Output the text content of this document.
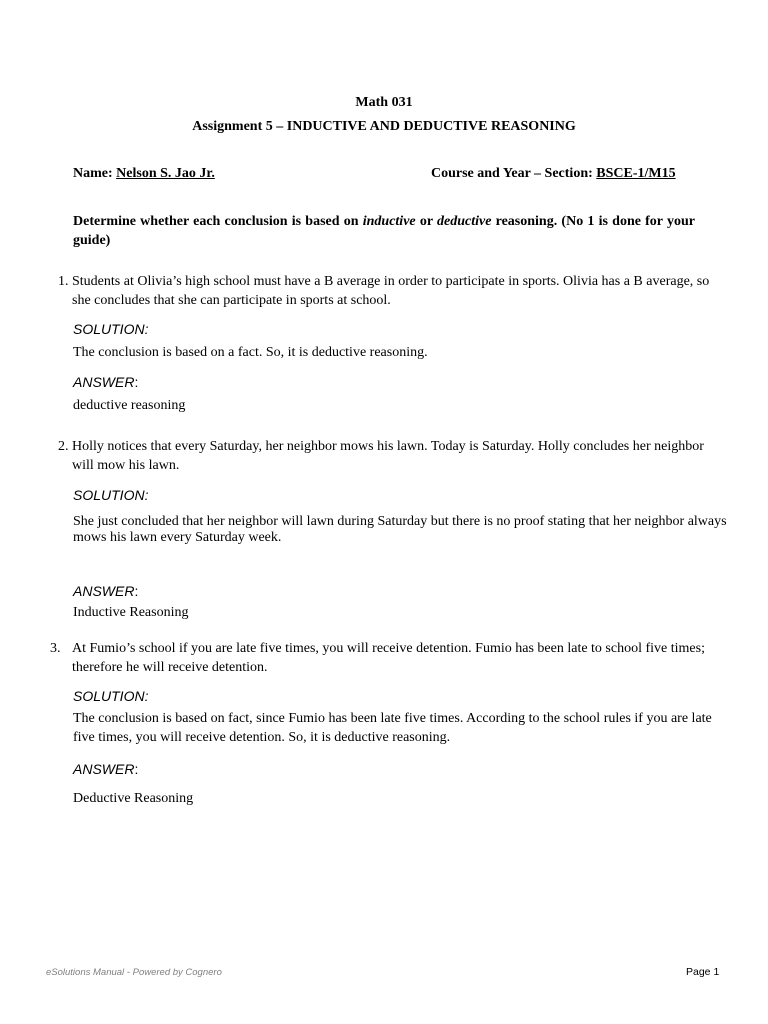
Math 031
Assignment 5 – INDUCTIVE AND DEDUCTIVE REASONING
Name: Nelson S. Jao Jr.	Course and Year – Section: BSCE-1/M15
Determine whether each conclusion is based on inductive or deductive reasoning. (No 1 is done for your guide)
1. Students at Olivia’s high school must have a B average in order to participate in sports. Olivia has a B average, so she concludes that she can participate in sports at school.
SOLUTION:
The conclusion is based on a fact. So, it is deductive reasoning.
ANSWER:
deductive reasoning
2. Holly notices that every Saturday, her neighbor mows his lawn. Today is Saturday. Holly concludes her neighbor will mow his lawn.
SOLUTION:
She just concluded that her neighbor will lawn during Saturday but there is no proof stating that her neighbor always mows his lawn every Saturday week.
ANSWER:
Inductive Reasoning
3. At Fumio’s school if you are late five times, you will receive detention. Fumio has been late to school five times; therefore he will receive detention.
SOLUTION:
The conclusion is based on fact, since Fumio has been late five times. According to the school rules if you are late five times, you will receive detention. So, it is deductive reasoning.
ANSWER:
Deductive Reasoning
eSolutions Manual - Powered by Cognero	Page 1
